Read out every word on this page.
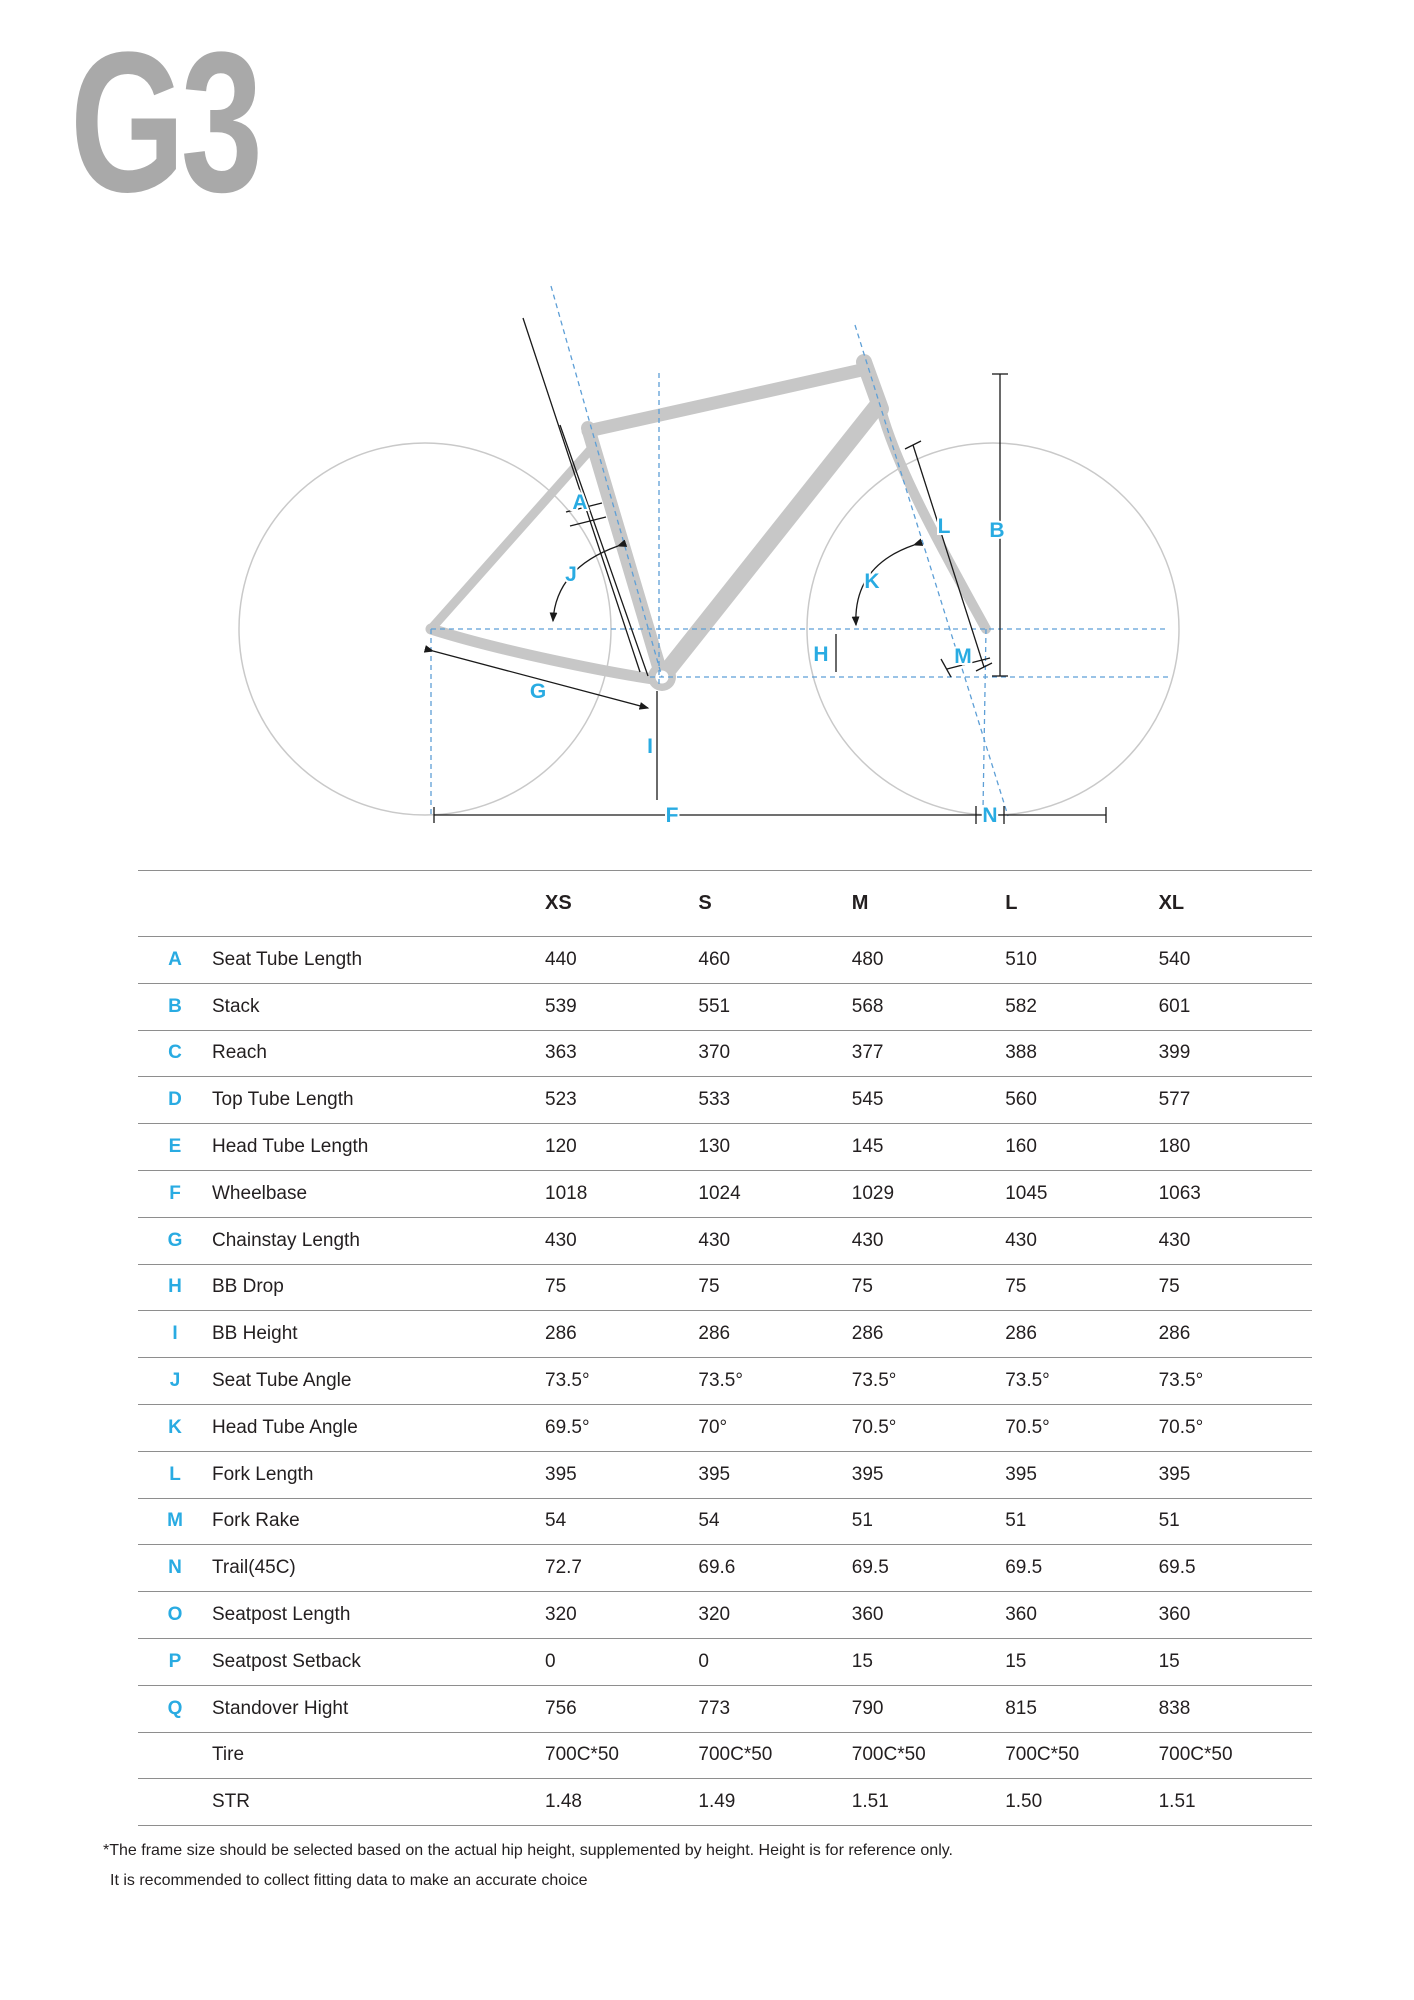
G3
A
J
G
I
F
H
K
L B
M
N
XS	S	M	L	XL
A	Seat Tube Length	440	460	480	510	540
B	Stack	539	551	568	582	601
C	Reach	363	370	377	388	399
D	Top Tube Length	523	533	545	560	577
E	Head Tube Length	120	130	145	160	180
F	Wheelbase	1018	1024	1029	1045	1063
G	Chainstay Length	430	430	430	430	430
H	BB Drop	75	75	75	75	75
I	BB Height	286	286	286	286	286
J	Seat Tube Angle	73.5°	73.5°	73.5°	73.5°	73.5°
K	Head Tube Angle	69.5°	70°	70.5°	70.5°	70.5°
L	Fork Length	395	395	395	395	395
M	Fork Rake	54	54	51	51	51
N	Trail(45C)	72.7	69.6	69.5	69.5	69.5
O	Seatpost Length	320	320	360	360	360
P	Seatpost Setback	0	0	15	15	15
Q	Standover Hight	756	773	790	815	838
Tire	700C*50	700C*50	700C*50	700C*50	700C*50
STR	1.48	1.49	1.51	1.50	1.51
*The frame size should be selected based on the actual hip height, supplemented by height. Height is for reference only.
It is recommended to collect fitting data to make an accurate choice
